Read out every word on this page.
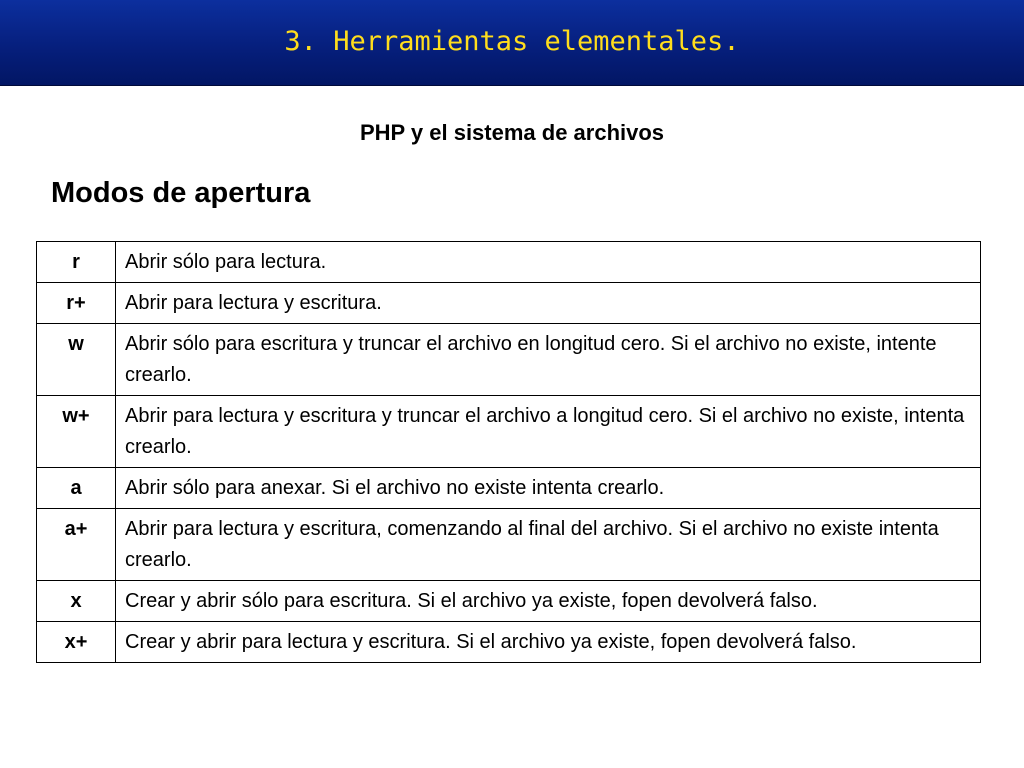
3. Herramientas elementales.
PHP y el sistema de archivos
Modos de apertura
r	Abrir sólo para lectura.
r+	Abrir para lectura y escritura.
w	Abrir sólo para escritura y truncar el archivo en longitud cero. Si el archivo no existe, intente crearlo.
w+	Abrir para lectura y escritura y truncar el archivo a longitud cero. Si el archivo no existe, intenta crearlo.
a	Abrir sólo para anexar. Si el archivo no existe intenta crearlo.
a+	Abrir para lectura y escritura, comenzando al final del archivo. Si el archivo no existe intenta crearlo.
x	Crear y abrir sólo para escritura. Si el archivo ya existe, fopen devolverá falso.
x+	Crear y abrir para lectura y escritura. Si el archivo ya existe, fopen devolverá falso.
